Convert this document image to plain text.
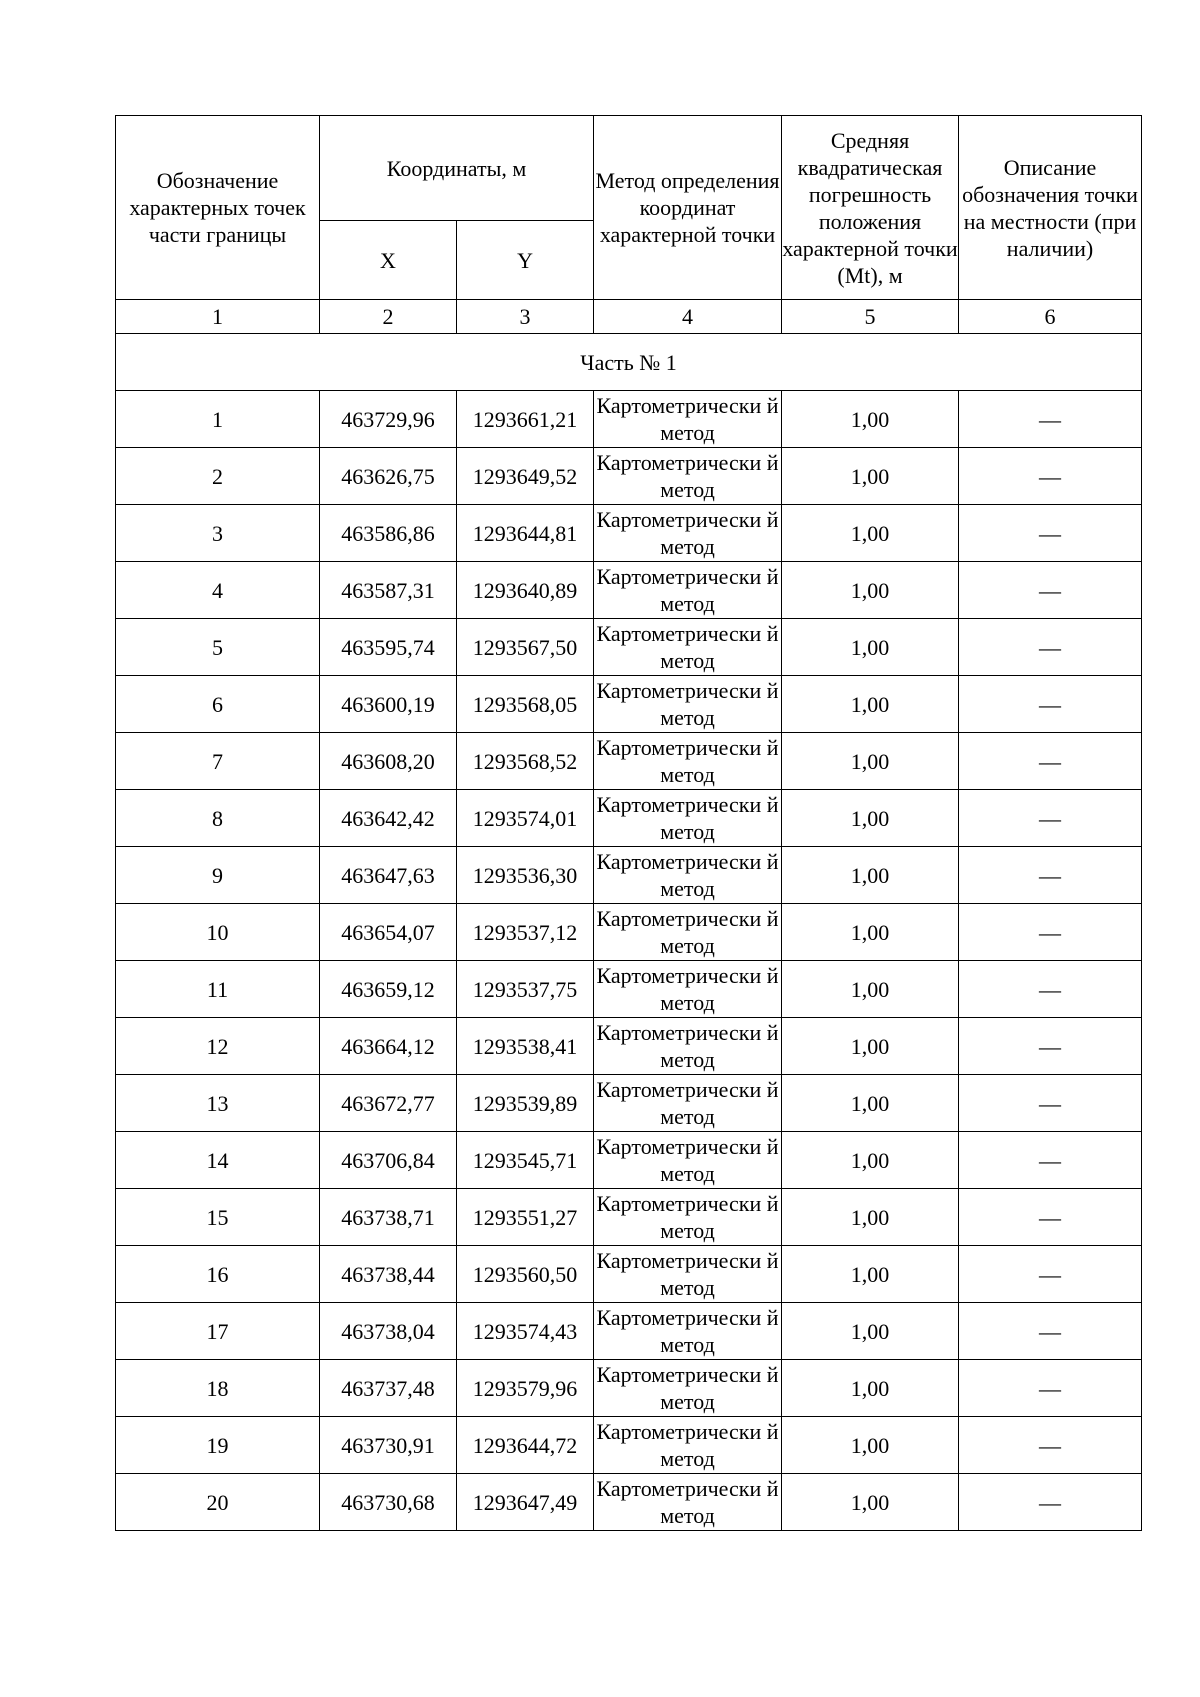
Обозначение характерных точек части границы	Координаты, м		Метод определения координат характерной точки	Средняя квадратическая погрешность положения характерной точки (Mt), м	Описание обозначения точки на местности (при наличии)
	X	Y			
1	2	3	4	5	6
Часть № 1					
1	463729,96	1293661,21	Картометрически й метод	1,00	—
2	463626,75	1293649,52	Картометрически й метод	1,00	—
3	463586,86	1293644,81	Картометрически й метод	1,00	—
4	463587,31	1293640,89	Картометрически й метод	1,00	—
5	463595,74	1293567,50	Картометрически й метод	1,00	—
6	463600,19	1293568,05	Картометрически й метод	1,00	—
7	463608,20	1293568,52	Картометрически й метод	1,00	—
8	463642,42	1293574,01	Картометрически й метод	1,00	—
9	463647,63	1293536,30	Картометрически й метод	1,00	—
10	463654,07	1293537,12	Картометрически й метод	1,00	—
11	463659,12	1293537,75	Картометрически й метод	1,00	—
12	463664,12	1293538,41	Картометрически й метод	1,00	—
13	463672,77	1293539,89	Картометрически й метод	1,00	—
14	463706,84	1293545,71	Картометрически й метод	1,00	—
15	463738,71	1293551,27	Картометрически й метод	1,00	—
16	463738,44	1293560,50	Картометрически й метод	1,00	—
17	463738,04	1293574,43	Картометрически й метод	1,00	—
18	463737,48	1293579,96	Картометрически й метод	1,00	—
19	463730,91	1293644,72	Картометрически й метод	1,00	—
20	463730,68	1293647,49	Картометрически й метод	1,00	—
